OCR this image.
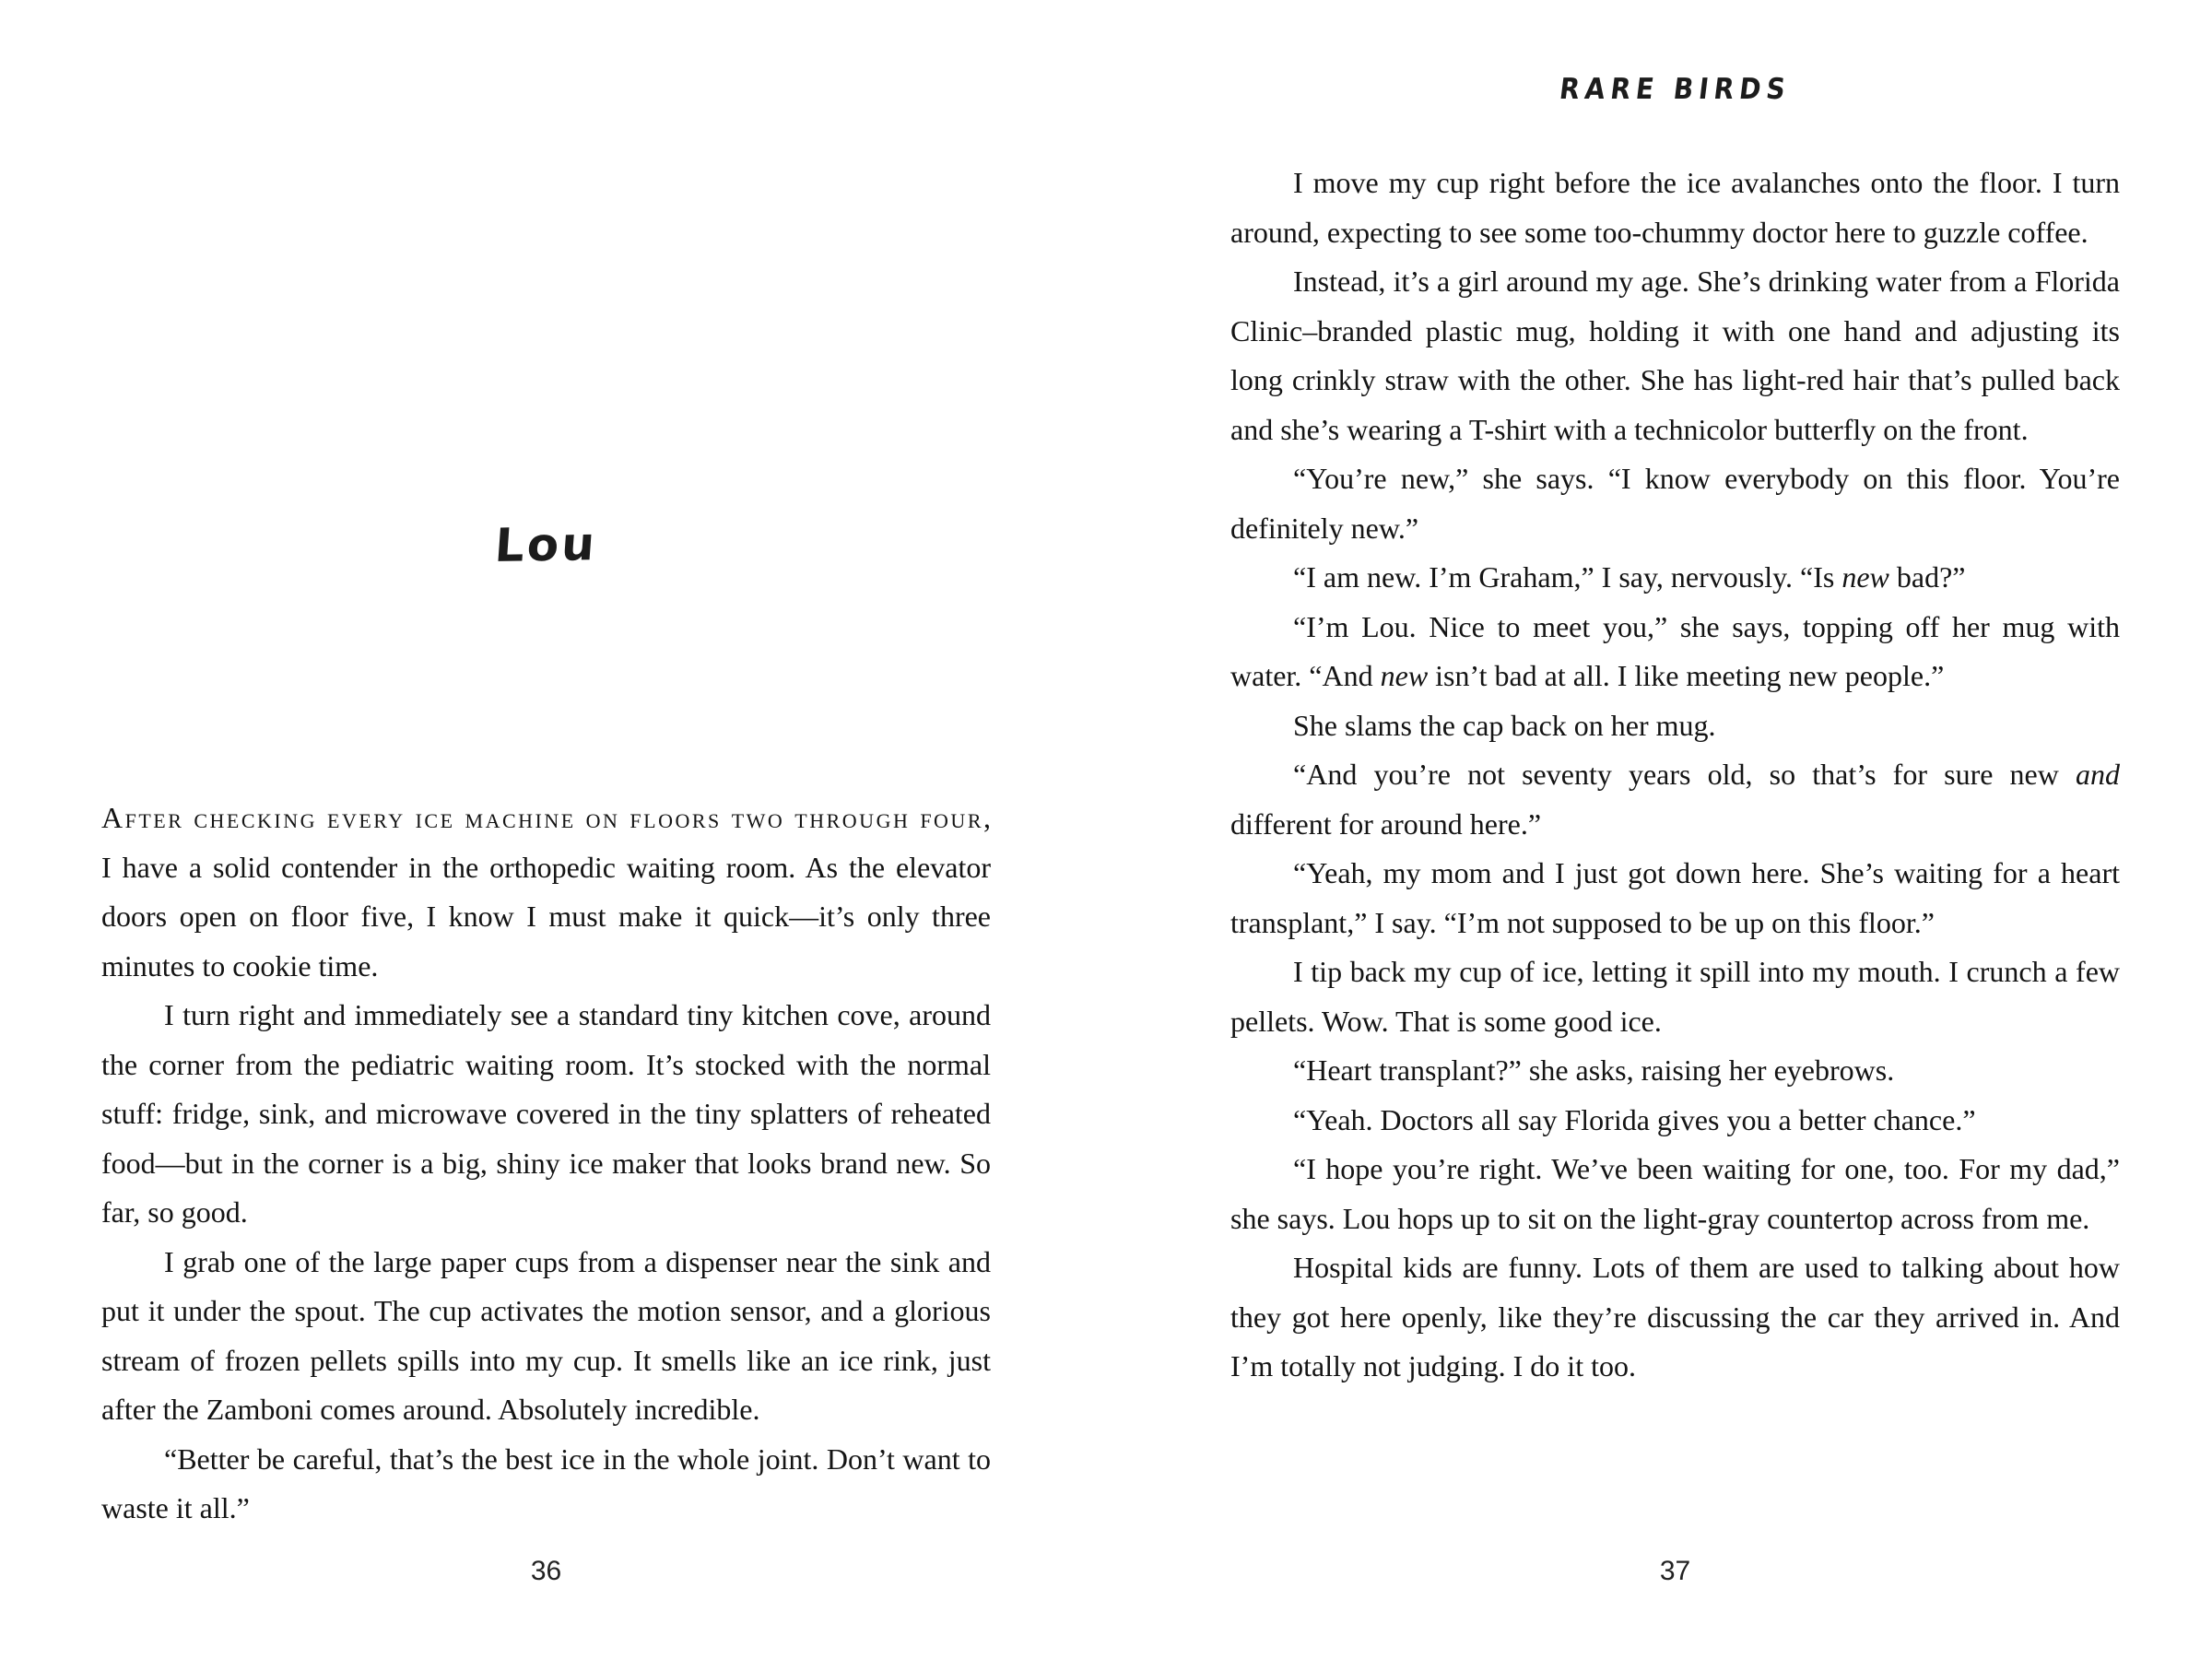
Lou

After checking every ice machine on floors two through four, I have a solid contender in the orthopedic waiting room. As the elevator doors open on floor five, I know I must make it quick—it’s only three minutes to cookie time.

I turn right and immediately see a standard tiny kitchen cove, around the corner from the pediatric waiting room. It’s stocked with the normal stuff: fridge, sink, and microwave covered in the tiny splatters of reheated food—but in the corner is a big, shiny ice maker that looks brand new. So far, so good.

I grab one of the large paper cups from a dispenser near the sink and put it under the spout. The cup activates the motion sensor, and a glorious stream of frozen pellets spills into my cup. It smells like an ice rink, just after the Zamboni comes around. Absolutely incredible.

“Better be careful, that’s the best ice in the whole joint. Don’t want to waste it all.”

36
RARE BIRDS

I move my cup right before the ice avalanches onto the floor. I turn around, expecting to see some too-chummy doctor here to guzzle coffee.

Instead, it’s a girl around my age. She’s drinking water from a Florida Clinic–branded plastic mug, holding it with one hand and adjusting its long crinkly straw with the other. She has light-red hair that’s pulled back and she’s wearing a T-shirt with a technicolor butterfly on the front.

“You’re new,” she says. “I know everybody on this floor. You’re definitely new.”

“I am new. I’m Graham,” I say, nervously. “Is new bad?”

“I’m Lou. Nice to meet you,” she says, topping off her mug with water. “And new isn’t bad at all. I like meeting new people.”

She slams the cap back on her mug.

“And you’re not seventy years old, so that’s for sure new and different for around here.”

“Yeah, my mom and I just got down here. She’s waiting for a heart transplant,” I say. “I’m not supposed to be up on this floor.”

I tip back my cup of ice, letting it spill into my mouth. I crunch a few pellets. Wow. That is some good ice.

“Heart transplant?” she asks, raising her eyebrows.

“Yeah. Doctors all say Florida gives you a better chance.”

“I hope you’re right. We’ve been waiting for one, too. For my dad,” she says. Lou hops up to sit on the light-gray countertop across from me.

Hospital kids are funny. Lots of them are used to talking about how they got here openly, like they’re discussing the car they arrived in. And I’m totally not judging. I do it too.

37
